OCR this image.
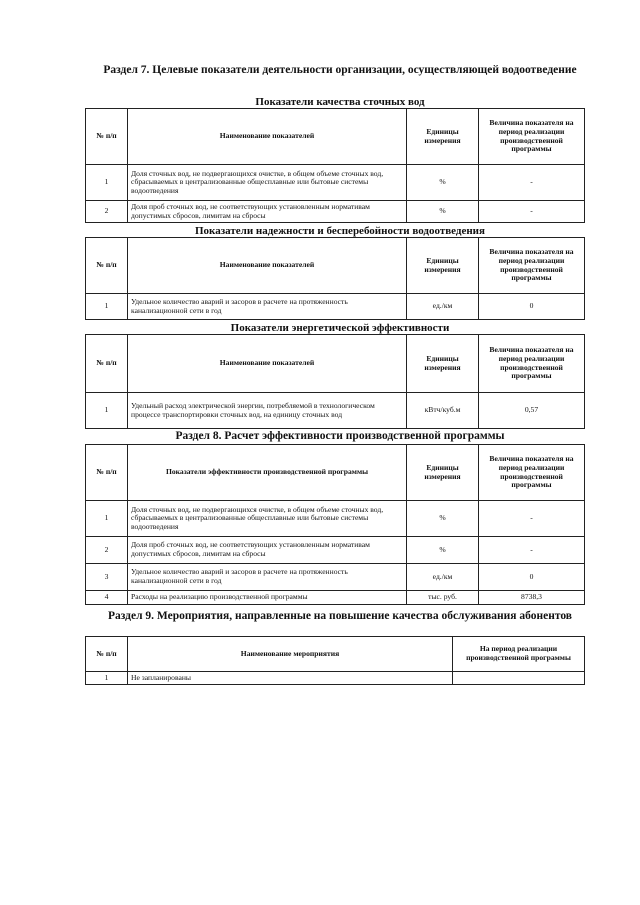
Раздел 7. Целевые показатели деятельности организации, осуществляющей водоотведение
Показатели качества сточных вод
№ п/п	Наименование показателей	Единицы измерения	Величина показателя на период реализации производственной программы
1	Доля сточных вод, не подвергающихся очистке, в общем объеме сточных вод, сбрасываемых в централизованные общесплавные или бытовые системы водоотведения	%	-
2	Доля проб сточных вод, не соответствующих установленным нормативам допустимых сбросов, лимитам на сбросы	%	-
Показатели надежности и бесперебойности водоотведения
№ п/п	Наименование показателей	Единицы измерения	Величина показателя на период реализации производственной программы
1	Удельное количество аварий и засоров в расчете на протяженность канализационной сети в год	ед./км	0
Показатели энергетической эффективности
№ п/п	Наименование показателей	Единицы измерения	Величина показателя на период реализации производственной программы
1	Удельный расход электрической энергии, потребляемой в технологическом процессе транспортировки сточных вод, на единицу сточных вод	кВтч/куб.м	0,57
Раздел 8. Расчет эффективности производственной программы
№ п/п	Показатели эффективности производственной программы	Единицы измерения	Величина показателя на период реализации производственной программы
1	Доля сточных вод, не подвергающихся очистке, в общем объеме сточных вод, сбрасываемых в централизованные общесплавные или бытовые системы водоотведения	%	-
2	Доля проб сточных вод, не соответствующих установленным нормативам допустимых сбросов, лимитам на сбросы	%	-
3	Удельное количество аварий и засоров в расчете на протяженность канализационной сети в год	ед./км	0
4	Расходы на реализацию производственной программы	тыс. руб.	8738,3
Раздел 9. Мероприятия, направленные на повышение качества обслуживания абонентов
№ п/п	Наименование мероприятия	На период реализации производственной программы
1	Не запланированы	
